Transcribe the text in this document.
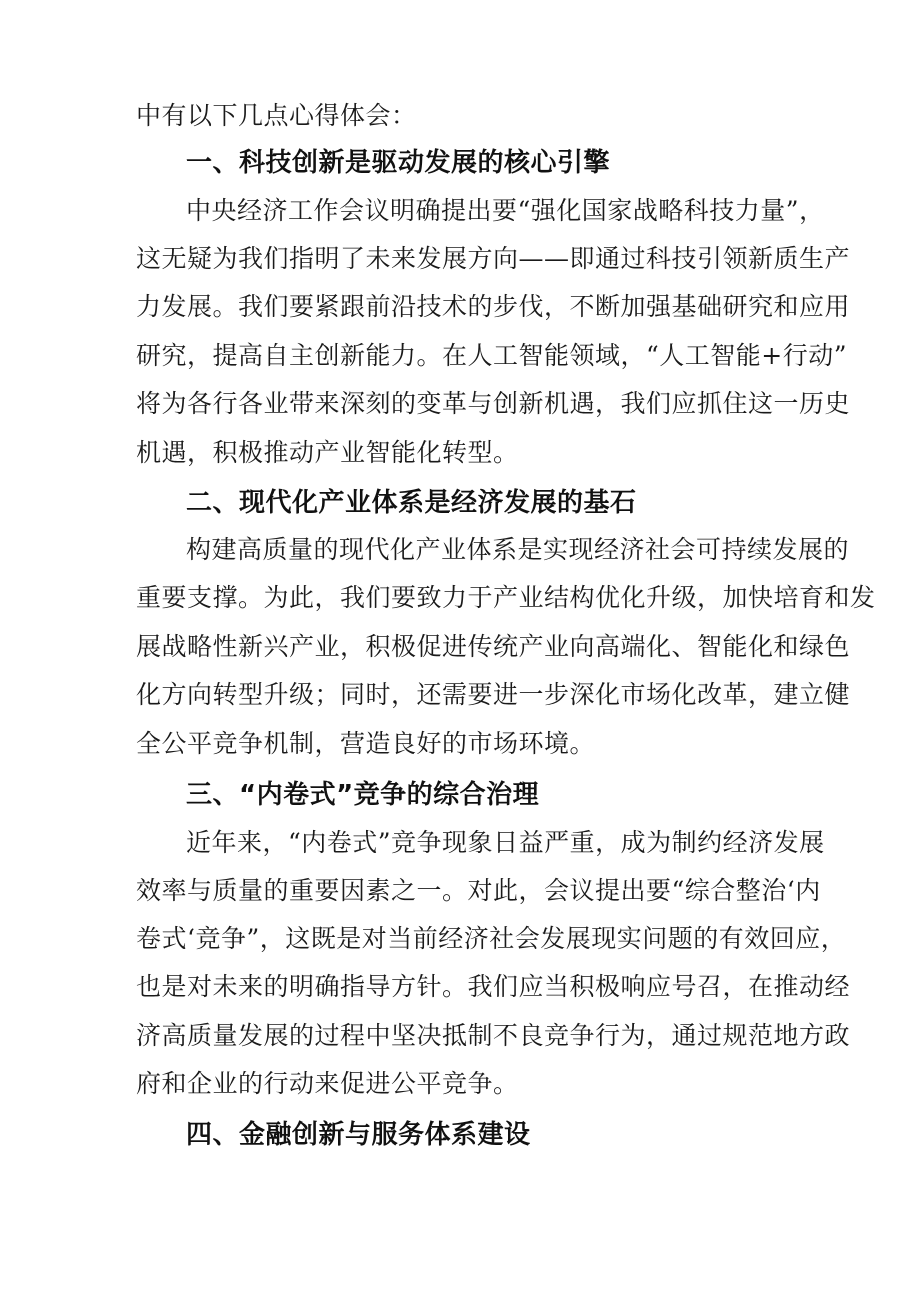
中有以下几点心得体会：
一、科技创新是驱动发展的核心引擎
中央经济工作会议明确提出要“强化国家战略科技力量”，
这无疑为我们指明了未来发展方向——即通过科技引领新质生产
力发展。我们要紧跟前沿技术的步伐，不断加强基础研究和应用
研究，提高自主创新能力。在人工智能领域，“人工智能+行动”
将为各行各业带来深刻的变革与创新机遇，我们应抓住这一历史
机遇，积极推动产业智能化转型。
二、现代化产业体系是经济发展的基石
构建高质量的现代化产业体系是实现经济社会可持续发展的
重要支撑。为此，我们要致力于产业结构优化升级，加快培育和发
展战略性新兴产业，积极促进传统产业向高端化、智能化和绿色
化方向转型升级；同时，还需要进一步深化市场化改革，建立健
全公平竞争机制，营造良好的市场环境。
三、“内卷式”竞争的综合治理
近年来，“内卷式”竞争现象日益严重，成为制约经济发展
效率与质量的重要因素之一。对此，会议提出要“综合整治‘内
卷式‘竞争”，这既是对当前经济社会发展现实问题的有效回应，
也是对未来的明确指导方针。我们应当积极响应号召，在推动经
济高质量发展的过程中坚决抵制不良竞争行为，通过规范地方政
府和企业的行动来促进公平竞争。
四、金融创新与服务体系建设
